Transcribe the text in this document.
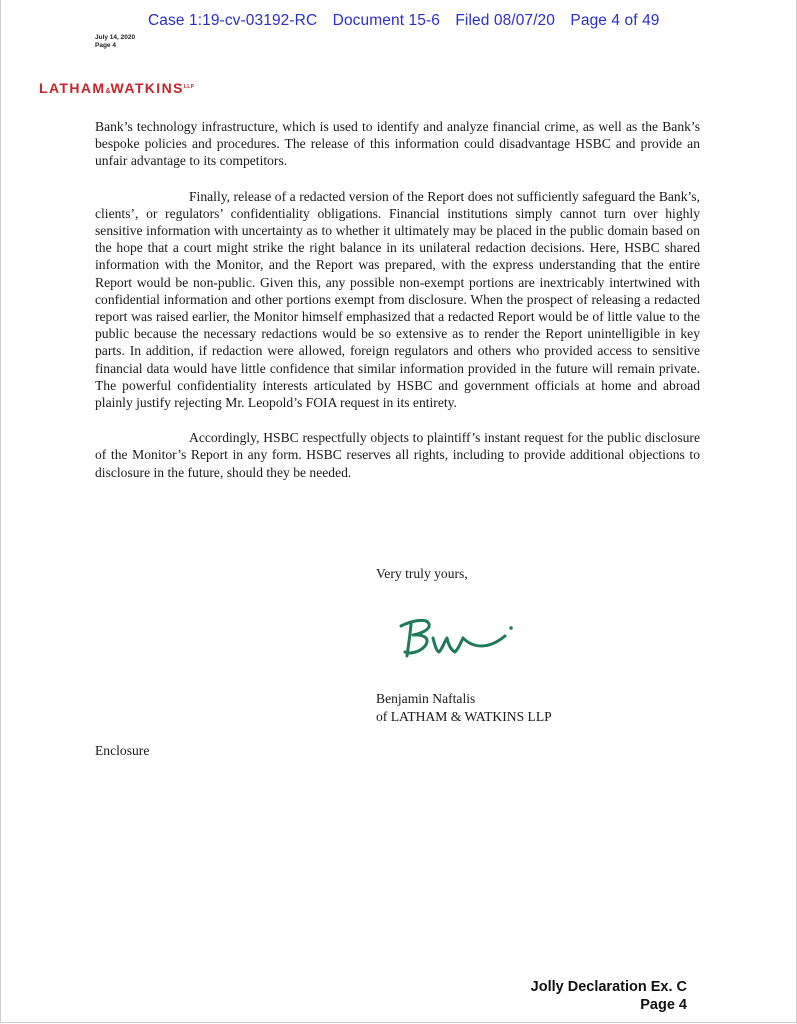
Case 1:19-cv-03192-RC Document 15-6 Filed 08/07/20 Page 4 of 49
July 14, 2020
Page 4
$LATHAM\&WATKINS^{LLP}$

Bank’s technology infrastructure, which is used to identify and analyze financial crime, as well as the Bank’s bespoke policies and procedures. The release of this information could disadvantage HSBC and provide an unfair advantage to its competitors.

Finally, release of a redacted version of the Report does not sufficiently safeguard the Bank’s, clients’, or regulators’ confidentiality obligations. Financial institutions simply cannot turn over highly sensitive information with uncertainty as to whether it ultimately may be placed in the public domain based on the hope that a court might strike the right balance in its unilateral redaction decisions. Here, HSBC shared information with the Monitor, and the Report was prepared, with the express understanding that the entire Report would be non-public. Given this, any possible non-exempt portions are inextricably intertwined with confidential information and other portions exempt from disclosure. When the prospect of releasing a redacted report was raised earlier, the Monitor himself emphasized that a redacted Report would be of little value to the public because the necessary redactions would be so extensive as to render the Report unintelligible in key parts. In addition, if redaction were allowed, foreign regulators and others who provided access to sensitive financial data would have little confidence that similar information provided in the future will remain private. The powerful confidentiality interests articulated by HSBC and government officials at home and abroad plainly justify rejecting Mr. Leopold’s FOIA request in its entirety.

Accordingly, HSBC respectfully objects to plaintiff’s instant request for the public disclosure of the Monitor’s Report in any form. HSBC reserves all rights, including to provide additional objections to disclosure in the future, should they be needed.

Very truly yours,
Benjamin Naftalis
of LATHAM & WATKINS LLP
Enclosure
Jolly Declaration Ex. C
Page 4
